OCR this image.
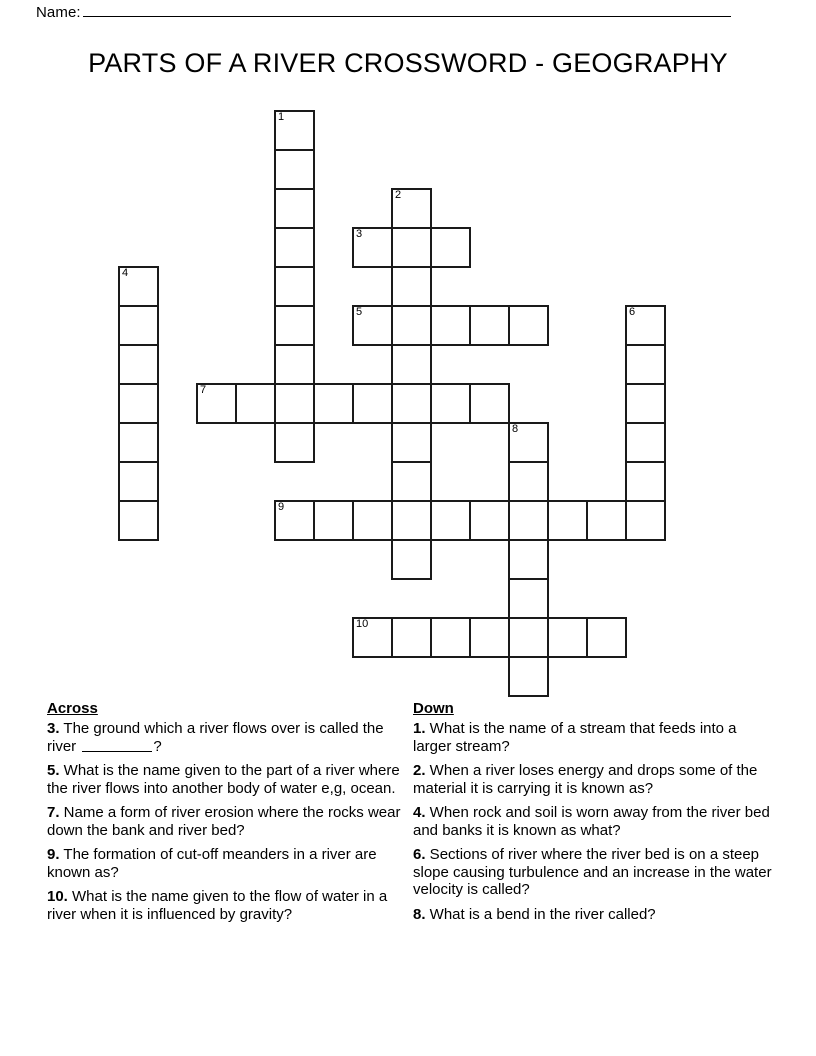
Name:
PARTS OF A RIVER CROSSWORD - GEOGRAPHY
1
2
3
4
5	6
7
8
9
10
Across
3. The ground which a river flows over is called the river	?
5. What is the name given to the part of a river where the river flows into another body of water e,g, ocean.
7. Name a form of river erosion where the rocks wear down the bank and river bed?
9. The formation of cut-off meanders in a river are known as?
10. What is the name given to the flow of water in a river when it is influenced by gravity?
Down
1. What is the name of a stream that feeds into a larger stream?
2. When a river loses energy and drops some of the material it is carrying it is known as?
4. When rock and soil is worn away from the river bed and banks it is known as what?
6. Sections of river where the river bed is on a steep slope causing turbulence and an increase in the water velocity is called?
8. What is a bend in the river called?
